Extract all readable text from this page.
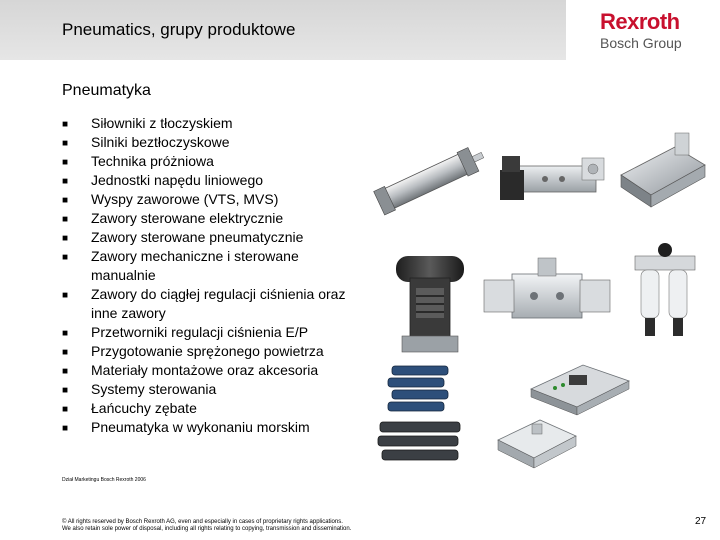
Pneumatics, grupy produktowe	Rexroth
Bosch Group
Pneumatyka
■ Siłowniki z tłoczyskiem
■ Silniki beztłoczyskowe
■ Technika próżniowa
■ Jednostki napędu liniowego
■ Wyspy zaworowe (VTS, MVS)
■ Zawory sterowane elektrycznie
■ Zawory sterowane pneumatycznie
■ Zawory mechaniczne i sterowane manualnie
■ Zawory do ciągłej regulacji ciśnienia oraz inne zawory
■ Przetworniki regulacji ciśnienia E/P
■ Przygotowanie sprężonego powietrza
■ Materiały montażowe oraz akcesoria
■ Systemy sterowania
■ Łańcuchy zębate
■ Pneumatyka w wykonaniu morskim
Dział Marketingu Bosch Rexroth 2006
© All rights reserved by Bosch Rexroth AG, even and especially in cases of proprietary rights applications.
We also retain sole power of disposal, including all rights relating to copying, transmission and dissemination.
27
